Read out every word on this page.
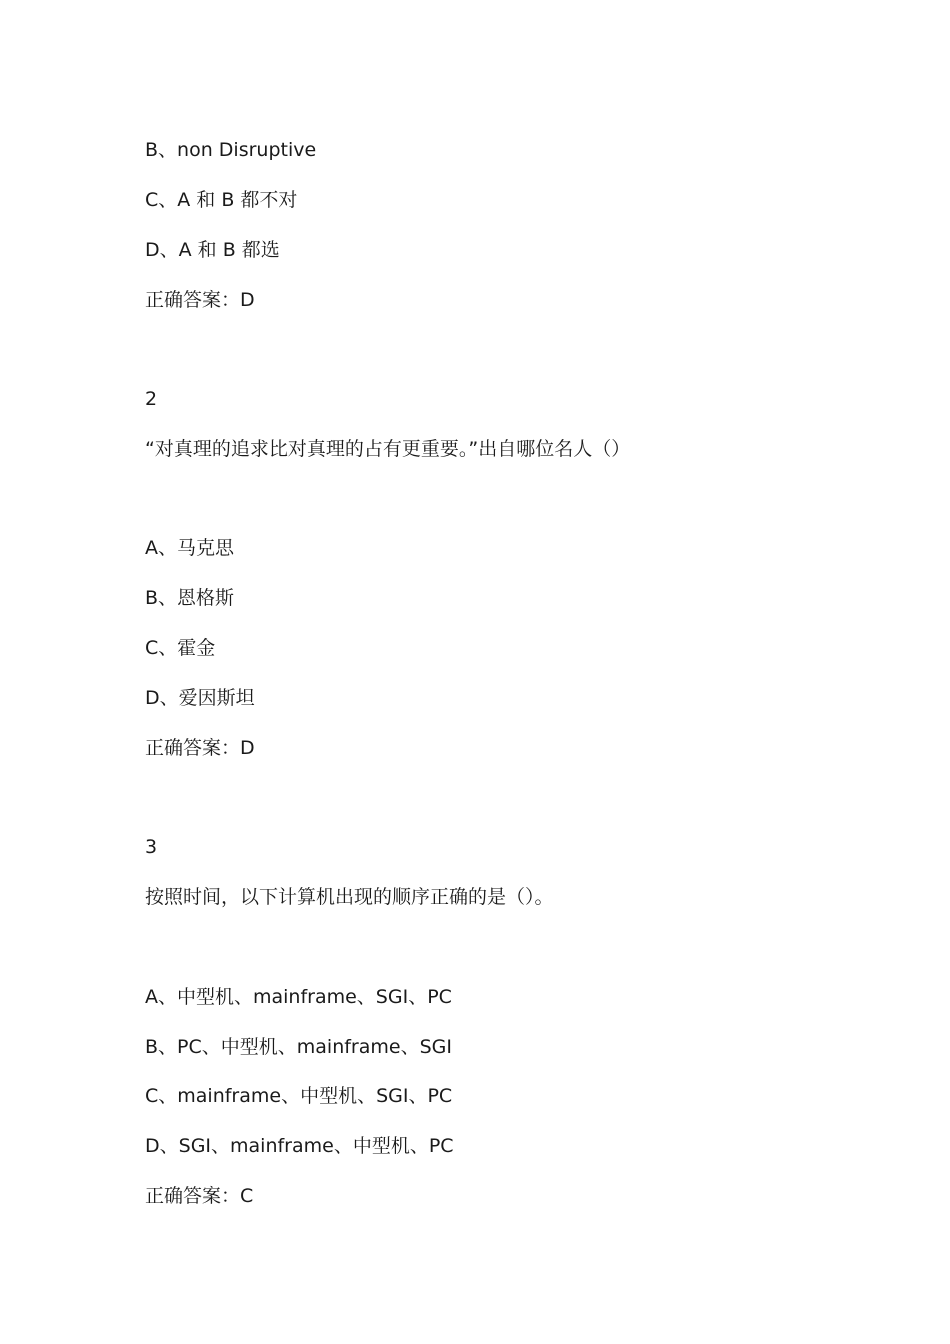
B、non Disruptive
C、A 和 B 都不对
D、A 和 B 都选
正确答案：D
2
“对真理的追求比对真理的占有更重要。”出自哪位名人（）
A、马克思
B、恩格斯
C、霍金
D、爱因斯坦
正确答案：D
3
按照时间，以下计算机出现的顺序正确的是（）。
A、中型机、mainframe、SGI、PC
B、PC、中型机、mainframe、SGI
C、mainframe、中型机、SGI、PC
D、SGI、mainframe、中型机、PC
正确答案：C
